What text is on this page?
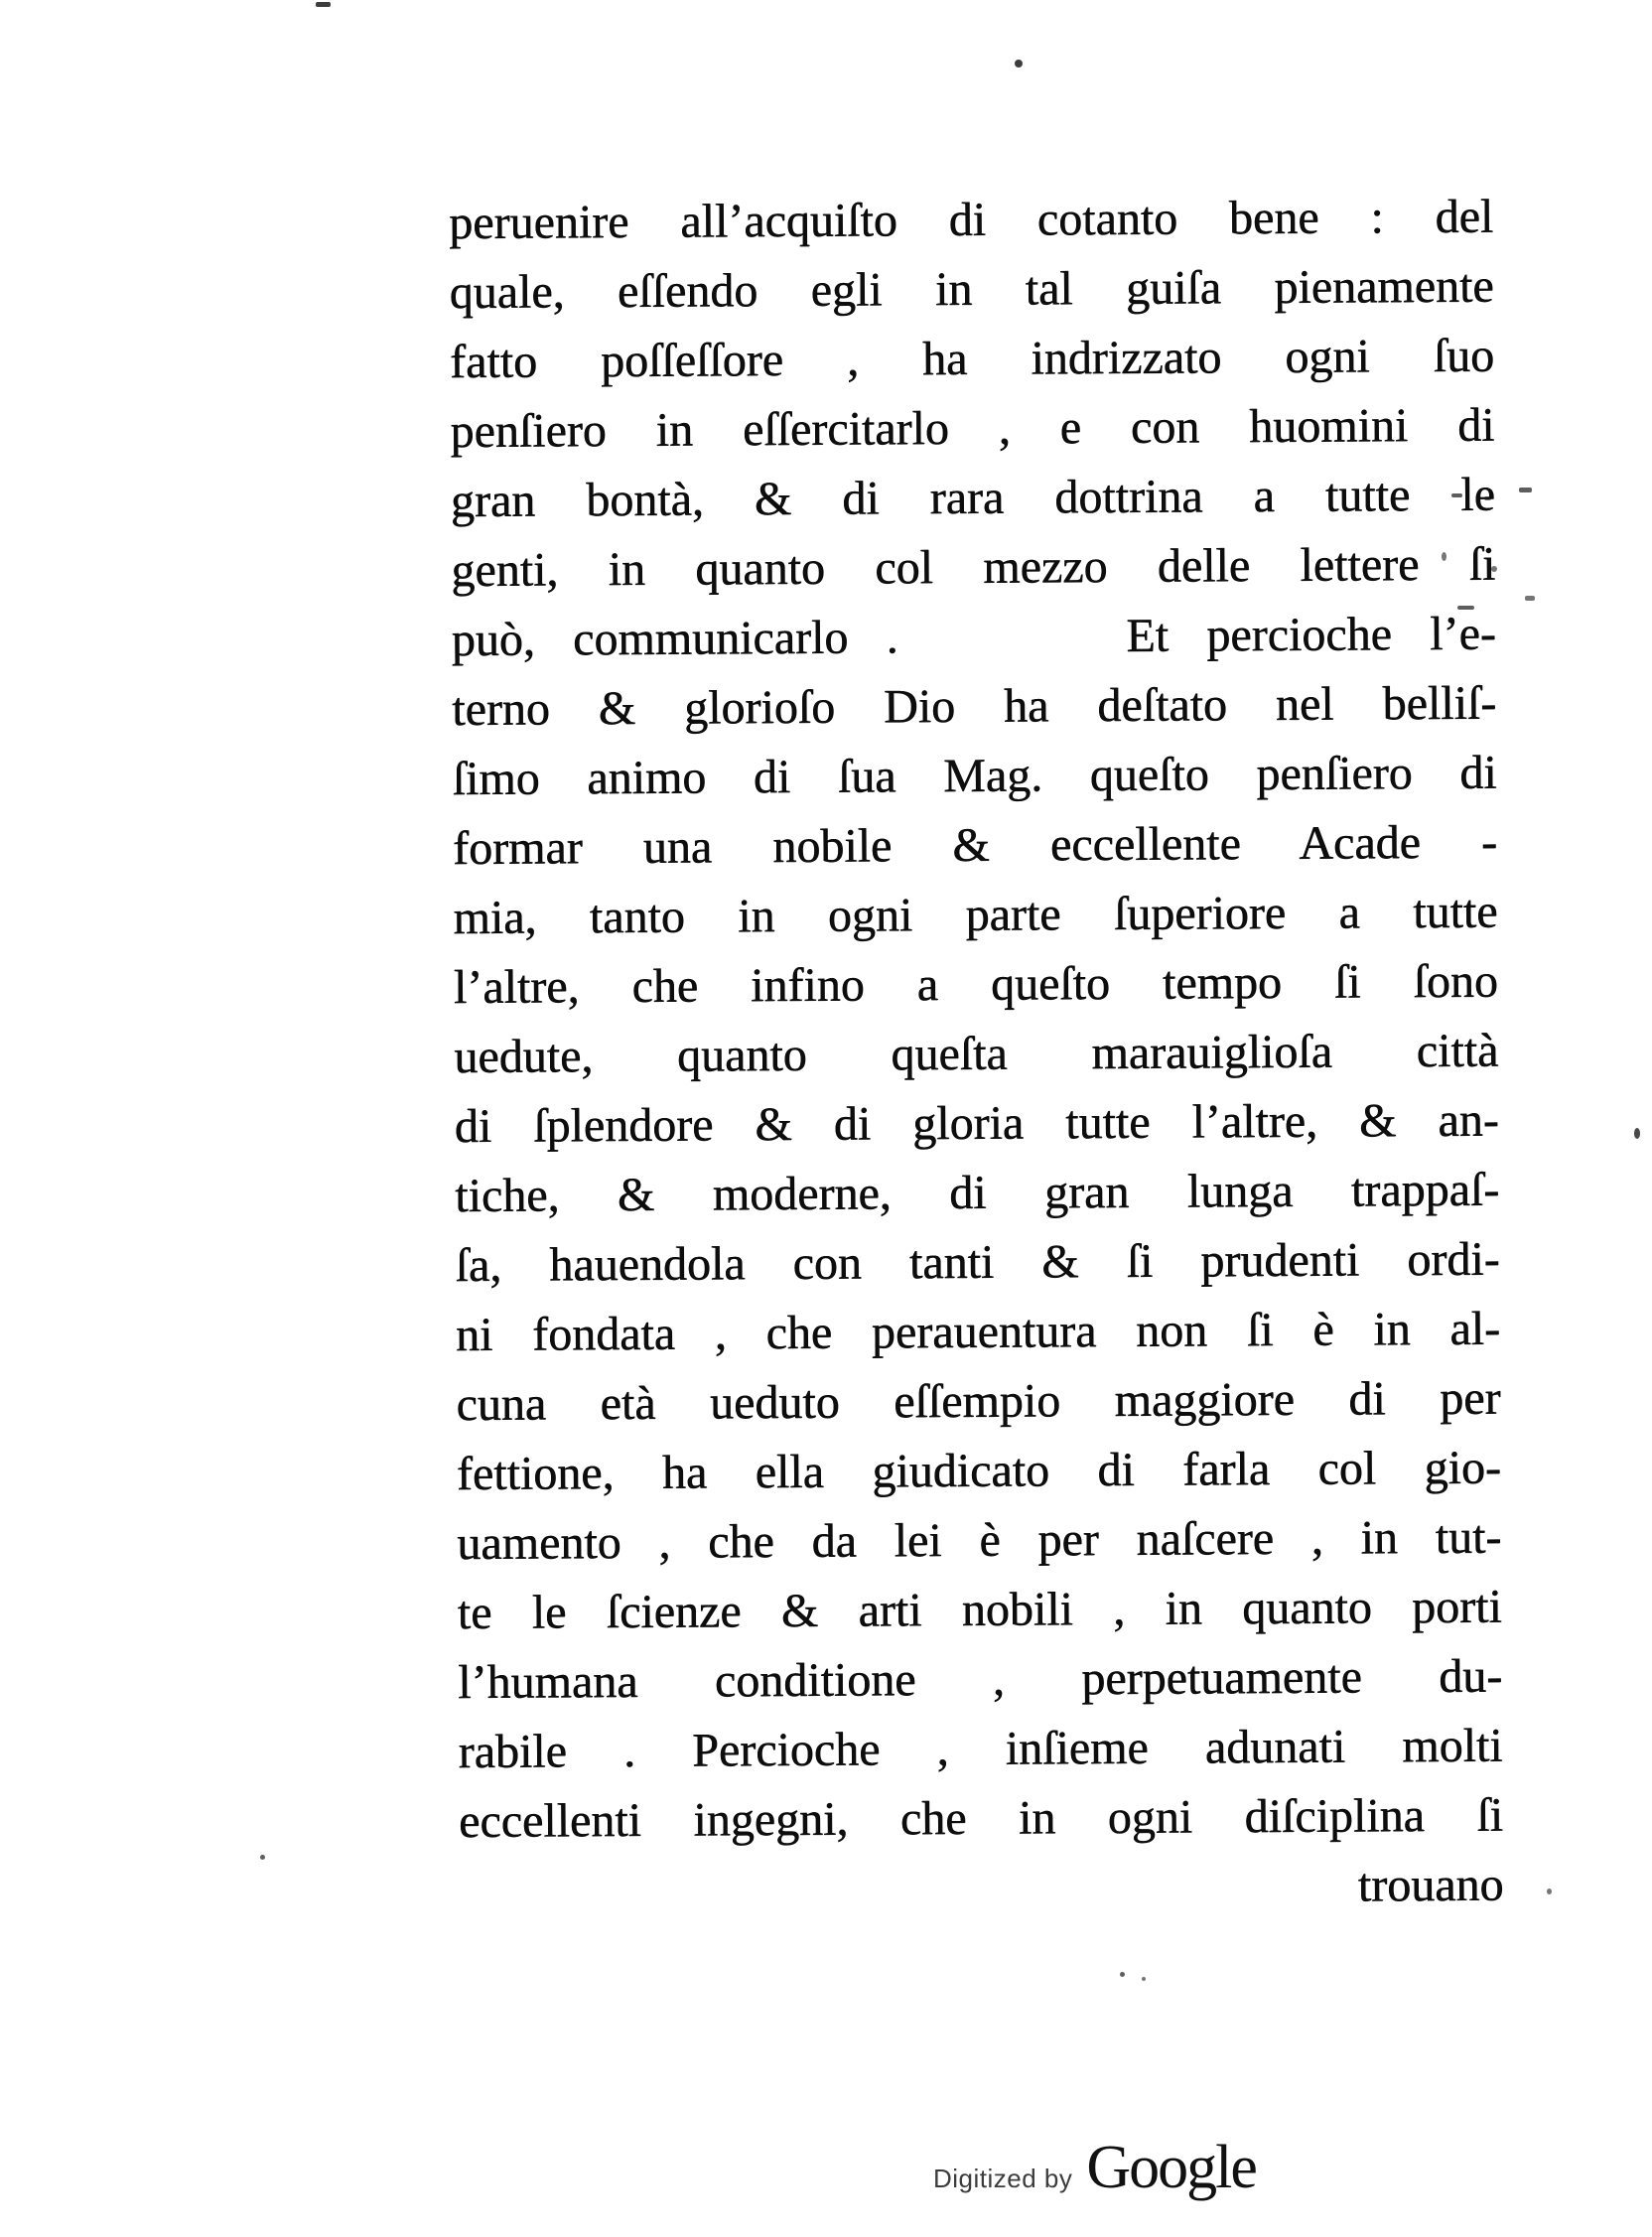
peruenire all’acquiſto di cotanto bene : del
quale, eſſendo egli in tal guiſa pienamente
fatto poſſeſſore , ha indrizzato ogni ſuo
penſiero in eſſercitarlo , e con huomini di
gran bontà, & di rara dottrina a tutte le
genti, in quanto col mezzo delle lettere ſi
può, communicarlo .      Et percioche l’e-
terno & glorioſo Dio ha deſtato nel belliſ-
ſimo animo di ſua Mag. queſto penſiero di
formar una nobile & eccellente Acade -
mia, tanto in ogni parte ſuperiore a tutte
l’altre, che infino a queſto tempo ſi ſono
uedute, quanto queſta marauiglioſa città
di ſplendore & di gloria tutte l’altre, & an-
tiche, & moderne, di gran lunga trappaſ-
ſa, hauendola con tanti & ſi prudenti ordi-
ni fondata , che perauentura non ſi è in al-
cuna età ueduto eſſempio maggiore di per
fettione, ha ella giudicato di farla col gio-
uamento , che da lei è per naſcere , in tut-
te le ſcienze & arti nobili , in quanto porti
l’humana conditione , perpetuamente du-
rabile . Percioche , inſieme adunati molti
eccellenti ingegni, che in ogni diſciplina ſi
trouano
Digitized by Google
